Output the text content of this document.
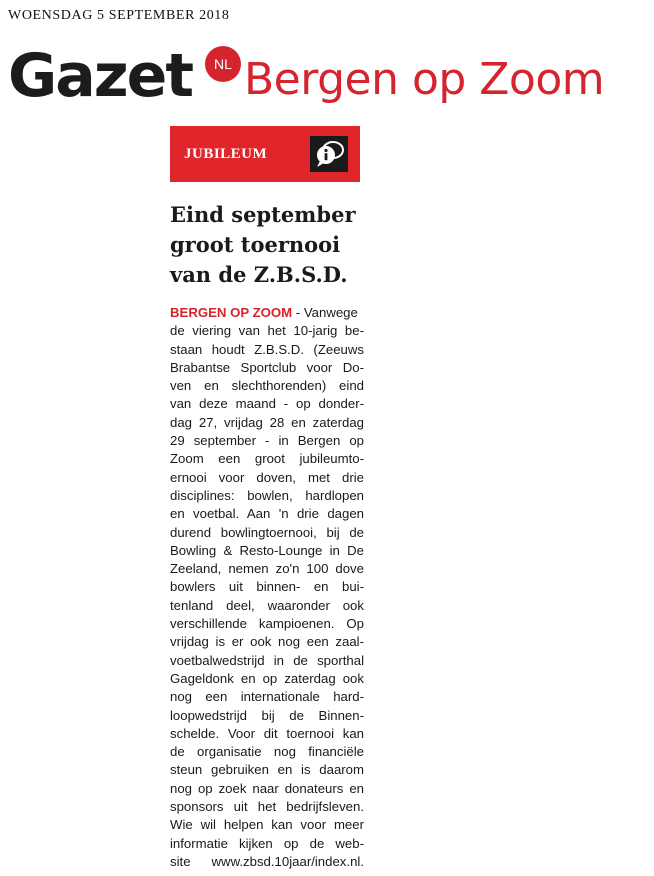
WOENSDAG 5 SEPTEMBER 2018
Gazet	NL Bergen op Zoom
JUBILEUM
Eind september
groot toernooi
van de Z.B.S.D.
BERGEN OP ZOOM - Vanwege
de viering van het 10-jarig be-
staan houdt Z.B.S.D. (Zeeuws
Brabantse Sportclub voor Do-
ven en slechthorenden) eind
van deze maand - op donder-
dag 27, vrijdag 28 en zaterdag
29 september - in Bergen op
Zoom een groot jubileumto-
ernooi voor doven, met drie
disciplines: bowlen, hardlopen
en voetbal. Aan 'n drie dagen
durend bowlingtoernooi, bij de
Bowling & Resto-Lounge in De
Zeeland, nemen zo'n 100 dove
bowlers uit binnen- en bui-
tenland deel, waaronder ook
verschillende kampioenen. Op
vrijdag is er ook nog een zaal-
voetbalwedstrijd in de sporthal
Gageldonk en op zaterdag ook
nog een internationale hard-
loopwedstrijd bij de Binnen-
schelde. Voor dit toernooi kan
de organisatie nog financiële
steun gebruiken en is daarom
nog op zoek naar donateurs en
sponsors uit het bedrijfsleven.
Wie wil helpen kan voor meer
informatie kijken op de web-
site www.zbsd.10jaar/index.nl.
